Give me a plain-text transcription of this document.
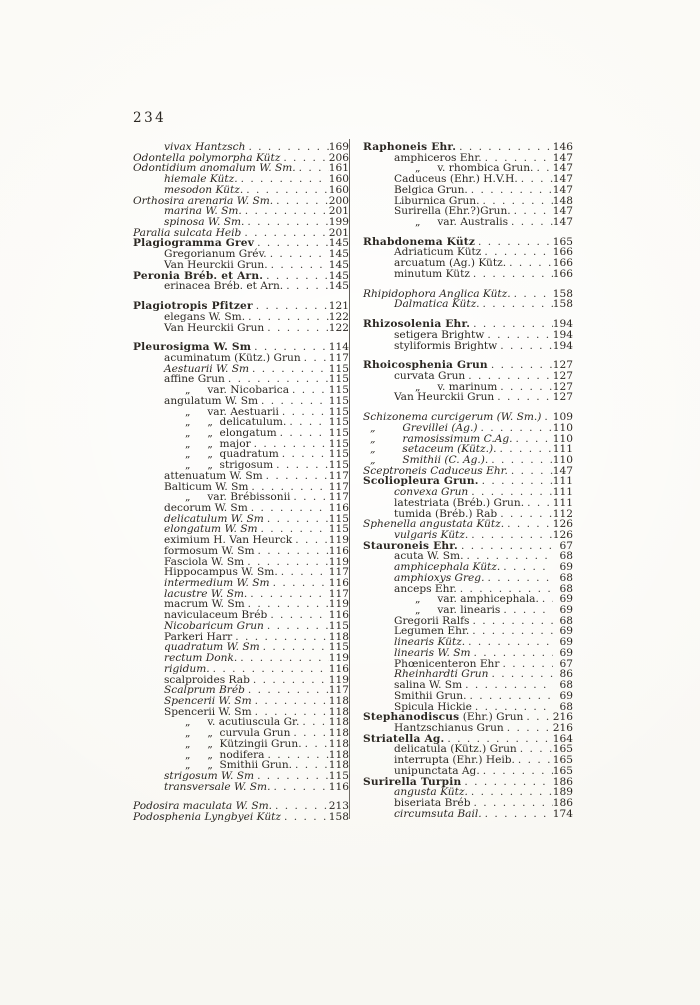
234
vivax Hantzsch . .	169
Odontella polymorpha Kütz . .	206
Odontidium anomalum W. Sm. . .	161
hiemale Kütz. . .	160
mesodon Kütz. . .	160
Orthosira arenaria W. Sm. . .	200
marina W. Sm. . .	201
spinosa W. Sm. . .	199
Paralia sulcata Heib . .	201
Plagiogramma Grev . .	145
Gregorianum Grév. . .	145
Van Heurckii Grun. . .	145
Peronia Bréb. et Arn. . .	145
erinacea Bréb. et Arn. . .	145
Plagiotropis Pfitzer . .	121
elegans W. Sm. . .	122
Van Heurckii Grun . .	122
Pleurosigma W. Sm . .	114
acuminatum (Kütz.) Grun . .	117
Aestuarii W. Sm . .	115
affine Grun . .	115
„     var. Nicobarica . .	115
angulatum W. Sm . .	115
„     var. Aestuarii . .	115
„     „  delicatulum. . .	115
„     „  elongatum . .	115
„     „  major . .	115
„     „  quadratum . .	115
„     „  strigosum . .	115
attenuatum W. Sm . .	117
Balticum W. Sm . .	117
„     var. Brébissonii . .	117
decorum W. Sm . .	116
delicatulum W. Sm . .	115
elongatum W. Sm . .	115
eximium H. Van Heurck . .	119
formosum W. Sm . .	116
Fasciola W. Sm . .	119
Hippocampus W. Sm. . .	117
intermedium W. Sm . .	116
lacustre W. Sm. . .	117
macrum W. Sm . .	119
naviculaceum Bréb . .	116
Nicobaricum Grun . .	115
Parkeri Harr . .	118
quadratum W. Sm . .	115
rectum Donk. . .	119
rigidum. . .	116
scalproides Rab . .	119
Scalprum Bréb . .	117
Spencerii W. Sm . .	118
Spencerii W. Sm . .	118
„     v. acutiuscula Gr. . .	118
„     „  curvula Grun . .	118
„     „  Kützingii Grun. . .	118
„     „  nodifera . .	118
„     „  Smithii Grun. . .	118
strigosum W. Sm . .	115
transversale W. Sm. . .	116
Podosira maculata W. Sm. . .	213
Podosphenia Lyngbyei Kütz . .	158
Raphoneis Ehr. . .	146
amphiceros Ehr. . .	147
„     v. rhombica Grun. . . 147
Caduceus (Ehr.) H.V.H. . .	147
Belgica Grun. . .	147
Liburnica Grun. . .	148
Surirella (Ehr.?)Grun. . .	147
„     var. Australis . .	147
Rhabdonema Kütz . .	165
Adriaticum Kütz . .	166
arcuatum (Ag.) Kütz. . .	166
minutum Kütz . .	166
Rhipidophora Anglica Kütz. . .	158
Dalmatica Kütz. . .	158
Rhizosolenia Ehr. . .	194
setigera Brightw . .	194
styliformis Brightw . .	194
Rhoicosphenia Grun . .	127
curvata Grun . .	127
„     v. marinum . .	127
Van Heurckii Grun . .	127
Schizonema curcigerum (W. Sm.) . . 109
„        Grevillei (Ag.) . .	110
„        ramosissimum C.Ag. . .	110
„        setaceum (Kütz.). . .	111
„        Smithii (C. Ag.). . .	110
Sceptroneis Caduceus Ehr. . .	147
Scoliopleura Grun. . .	111
convexa Grun . .	111
latestriata (Bréb.) Grun. . .	111
tumida (Bréb.) Rab . .	112
Sphenella angustata Kütz. . .	126
vulgaris Kütz. . .	126
Stauroneis Ehr. . .	67
acuta W. Sm. . .	68
amphicephala Kütz. . .	69
amphioxys Greg. . .	68
anceps Ehr. . .	68
„     var. amphicephala. . .	69
„     var. linearis . .	69
Gregorii Ralfs . .	68
Legumen Ehr. . .	69
linearis Kütz. . .	69
linearis W. Sm . .	69
Phœnicenteron Ehr . .	67
Rheinhardti Grun . .	86
salina W. Sm . .	68
Smithii Grun. . .	69
Spicula Hickie . .	68
Stephanodiscus (Ehr.) Grun . .	216
Hantzschianus Grun . .	216
Striatella Ag. . .	164
delicatula (Kütz.) Grun . .	165
interrupta (Ehr.) Heib. . .	165
unipunctata Ag. . .	165
Surirella Turpin . .	186
angusta Kütz. . .	189
biseriata Bréb . .	186
circumsuta Bail. . .	174
